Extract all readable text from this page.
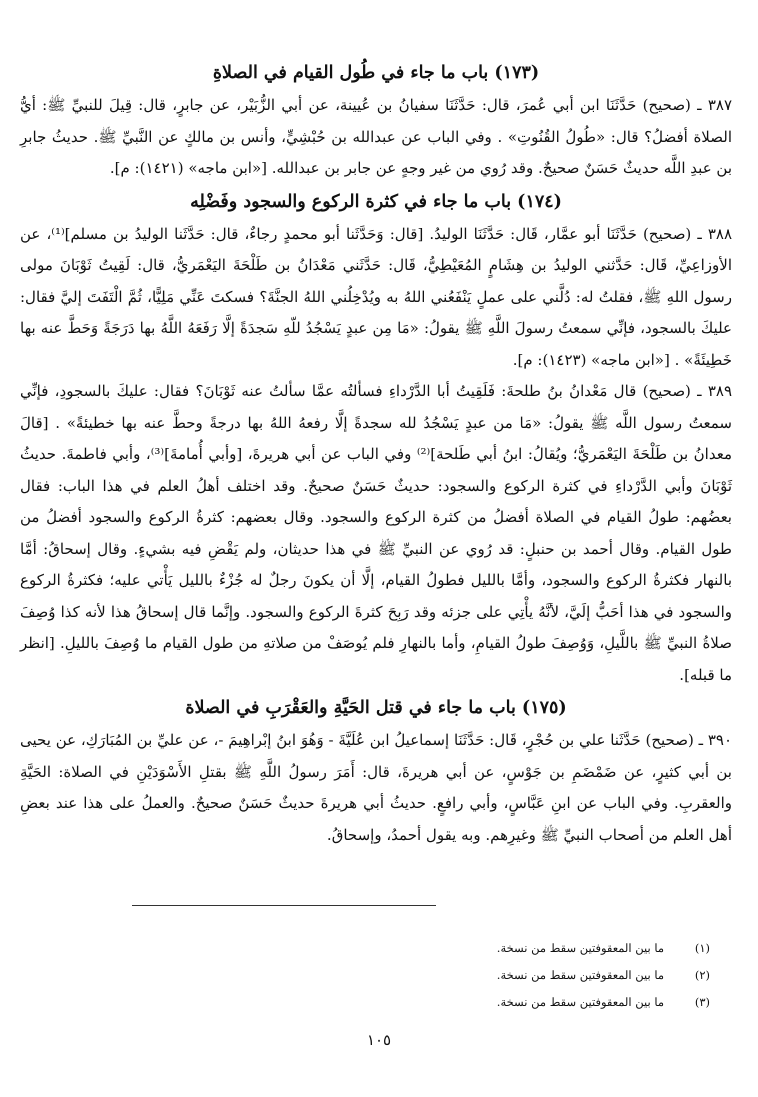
(١٧٣) باب ما جاء في طُول القيام في الصلاةِ

٣٨٧ ـ (صحيح) حَدَّثَنَا ابن أبي عُمرَ، قال: حَدَّثَنَا سفيانُ بن عُيينة، عن أبي الزُّبَيْر، عن جابرٍ، قال: قِيلَ للنبيِّ ﷺ: أيُّ الصلاة أفضلُ؟ قال: «طُولُ القُنُوتِ» . وفي الباب عن عبدالله بن حُبْشِيٍّ، وأنس بن مالكٍ عن النَّبيِّ ﷺ. حديثُ جابرِ بن عبدِ اللَّه حديثٌ حَسَنٌ صحيحٌ. وقد رُوي من غير وجهٍ عن جابر بن عبدالله. [«ابن ماجه» (١٤٢١): م].

(١٧٤) باب ما جاء في كثرة الركوع والسجود وفَضْلِه

٣٨٨ ـ (صحيح) حَدَّثَنَا أبو عمَّار، قَال: حَدَّثَنَا الوليدُ. [قال: وَحَدَّثَنا أبو محمدٍ رجاءٌ، قال: حَدَّثَنا الوليدُ بن مسلم]⁽¹⁾، عن الأوزاعِيِّ، قَال: حَدَّثني الوليدُ بن هِشَامٍ المُعَيْطِيُّ، قَال: حَدَّثَني مَعْدَانُ بن طَلْحَةَ اليَعْمَريُّ، قال: لَقِيتُ ثَوْبَانَ مولى رسول اللهِ ﷺ، فقلتُ له: دُلَّني على عملٍ يَنْفَعُني اللهُ به ويُدْخِلُني اللهُ الجنَّةَ؟ فسكتَ عَنِّي مَلِيًّا، ثُمَّ الْتَفَتَ إليَّ فقال: عليكَ بالسجود، فإنِّي سمعتُ رسولَ اللَّهِ ﷺ يقولُ: «مَا مِن عبدٍ يَسْجُدُ للّهِ سَجدَةً إلَّا رَفَعَهُ اللَّهُ بها دَرَجَةً وَحَطَّ عنه بها خَطِيئَةً» . [«ابن ماجه» (١٤٢٣): م].

٣٨٩ ـ (صحيح) قال مَعْدانُ بنُ طلحةَ: فَلَقِيتُ أبا الدَّرْداءِ فسألتُه عمَّا سألتُ عنه ثَوْبَانَ؟ فقال: عليكَ بالسجودِ، فإنِّي سمعتُ رسول اللَّه ﷺ يقولُ: «مَا من عبدٍ يَسْجُدُ لله سجدةً إلَّا رفعهُ اللهُ بها درجةً وحطَّ عنه بها خطيئةً» . [قالَ معدانُ بن طَلْحَةَ اليَعْمَريُّ؛ ويُقالُ: ابنُ أبي طَلحة]⁽²⁾ وفي الباب عن أبي هريرةَ، [وأبي أُمامةَ]⁽³⁾، وأبي فاطمةَ. حديثُ ثَوْبَانَ وأبي الدَّرْداءِ في كثرة الركوع والسجود: حديثٌ حَسَنٌ صحيحٌ. وقد اختلف أهلُ العلم في هذا الباب: فقال بعضُهم: طولُ القيام في الصلاة أفضلُ من كثرة الركوع والسجود. وقال بعضهم: كثرةُ الركوع والسجود أفضلُ من طول القيام. وقال أحمد بن حنبلٍ: قد رُوي عن النبيِّ ﷺ في هذا حديثان، ولم يَقْضِ فيه بشيءٍ. وقال إسحاقُ: أمَّا بالنهار فكثرةُ الركوع والسجود، وأمَّا بالليل فطولُ القيام، إلَّا أن يكونَ رجلٌ له جُزْءٌ بالليل يَأْتي عليه؛ فكثرةُ الركوع والسجود في هذا أحَبُّ إلَيَّ، لأنَّهُ يأْتِي على جزئه وقد رَبِحَ كثرةَ الركوع والسجود. وإنَّما قال إسحاقُ هذا لأنه كذا وُصِفَ صلاةُ النبيِّ ﷺ باللَّيلِ، وَوُصِفَ طولُ القيامِ، وأما بالنهارِ فلم يُوصَفْ من صلاتهِ من طول القيام ما وُصِفَ بالليلِ. [انظر ما قبله].

(١٧٥) باب ما جاء في قتل الحَيَّةِ والعَقْرَبِ في الصلاة

٣٩٠ ـ (صحيح) حَدَّثَنا علي بن حُجْرٍ، قَال: حَدَّثَنَا إسماعيلُ ابن عُلَيَّةَ - وَهُوَ ابنُ إبْراهِيمَ -، عن عليِّ بن المُبَارَكِ، عن يحيى بن أبي كثيرٍ، عن ضَمْضَمِ بن جَوْسٍ، عن أبي هريرةَ، قال: أَمَرَ رسولُ اللَّهِ ﷺ بقتلِ الأَسْوَدَيْنِ في الصلاة: الحَيَّةِ والعقربِ. وفي الباب عن ابنِ عَبَّاسٍ، وأبي رافعٍ. حديثُ أبي هريرةَ حديثٌ حَسَنٌ صحيحٌ. والعملُ على هذا عند بعضِ أهل العلم من أصحاب النبيِّ ﷺ وغيرِهم. وبه يقول أحمدُ، وإسحاقُ.

(١)
ما بين المعقوفتين سقط من نسخة.
(٢)
ما بين المعقوفتين سقط من نسخة.
(٣)
ما بين المعقوفتين سقط من نسخة.
١٠٥
